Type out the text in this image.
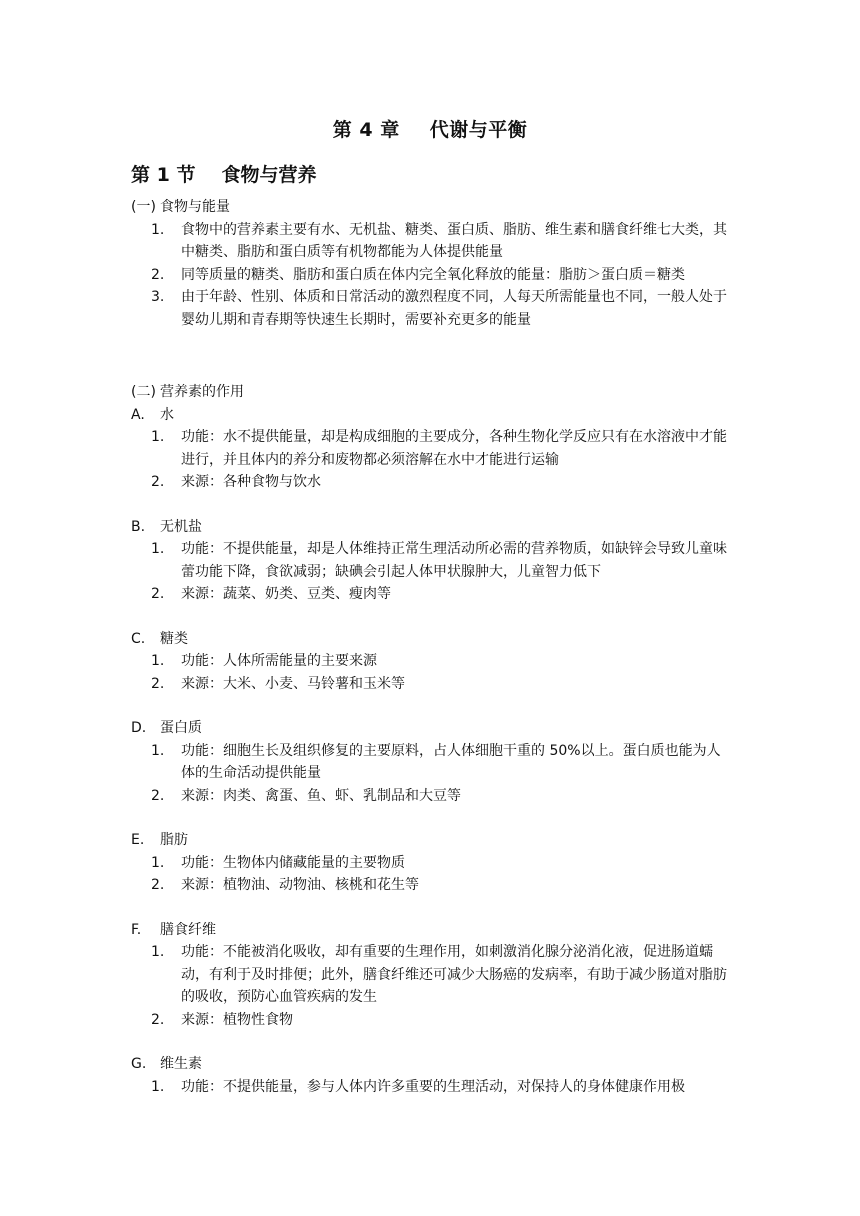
第 4 章 代谢与平衡
第 1 节 食物与营养

(一) 食物与能量

1. 食物中的营养素主要有水、无机盐、糖类、蛋白质、脂肪、维生素和膳食纤维七大类，其中糖类、脂肪和蛋白质等有机物都能为人体提供能量
2. 同等质量的糖类、脂肪和蛋白质在体内完全氧化释放的能量：脂肪＞蛋白质＝糖类
3. 由于年龄、性别、体质和日常活动的激烈程度不同，人每天所需能量也不同，一般人处于婴幼儿期和青春期等快速生长期时，需要补充更多的能量

(二) 营养素的作用

A. 水

1. 功能：水不提供能量，却是构成细胞的主要成分，各种生物化学反应只有在水溶液中才能进行，并且体内的养分和废物都必须溶解在水中才能进行运输
2. 来源：各种食物与饮水

B. 无机盐

1. 功能：不提供能量，却是人体维持正常生理活动所必需的营养物质，如缺锌会导致儿童味蕾功能下降，食欲减弱；缺碘会引起人体甲状腺肿大，儿童智力低下
2. 来源：蔬菜、奶类、豆类、瘦肉等

C. 糖类

1. 功能：人体所需能量的主要来源
2. 来源：大米、小麦、马铃薯和玉米等

D. 蛋白质

1. 功能：细胞生长及组织修复的主要原料，占人体细胞干重的 50%以上。蛋白质也能为人体的生命活动提供能量
2. 来源：肉类、禽蛋、鱼、虾、乳制品和大豆等

E. 脂肪

1. 功能：生物体内储藏能量的主要物质
2. 来源：植物油、动物油、核桃和花生等

F. 膳食纤维

1. 功能：不能被消化吸收，却有重要的生理作用，如刺激消化腺分泌消化液，促进肠道蠕动，有利于及时排便；此外，膳食纤维还可减少大肠癌的发病率，有助于减少肠道对脂肪的吸收，预防心血管疾病的发生
2. 来源：植物性食物

G. 维生素

1. 功能：不提供能量，参与人体内许多重要的生理活动，对保持人的身体健康作用极
